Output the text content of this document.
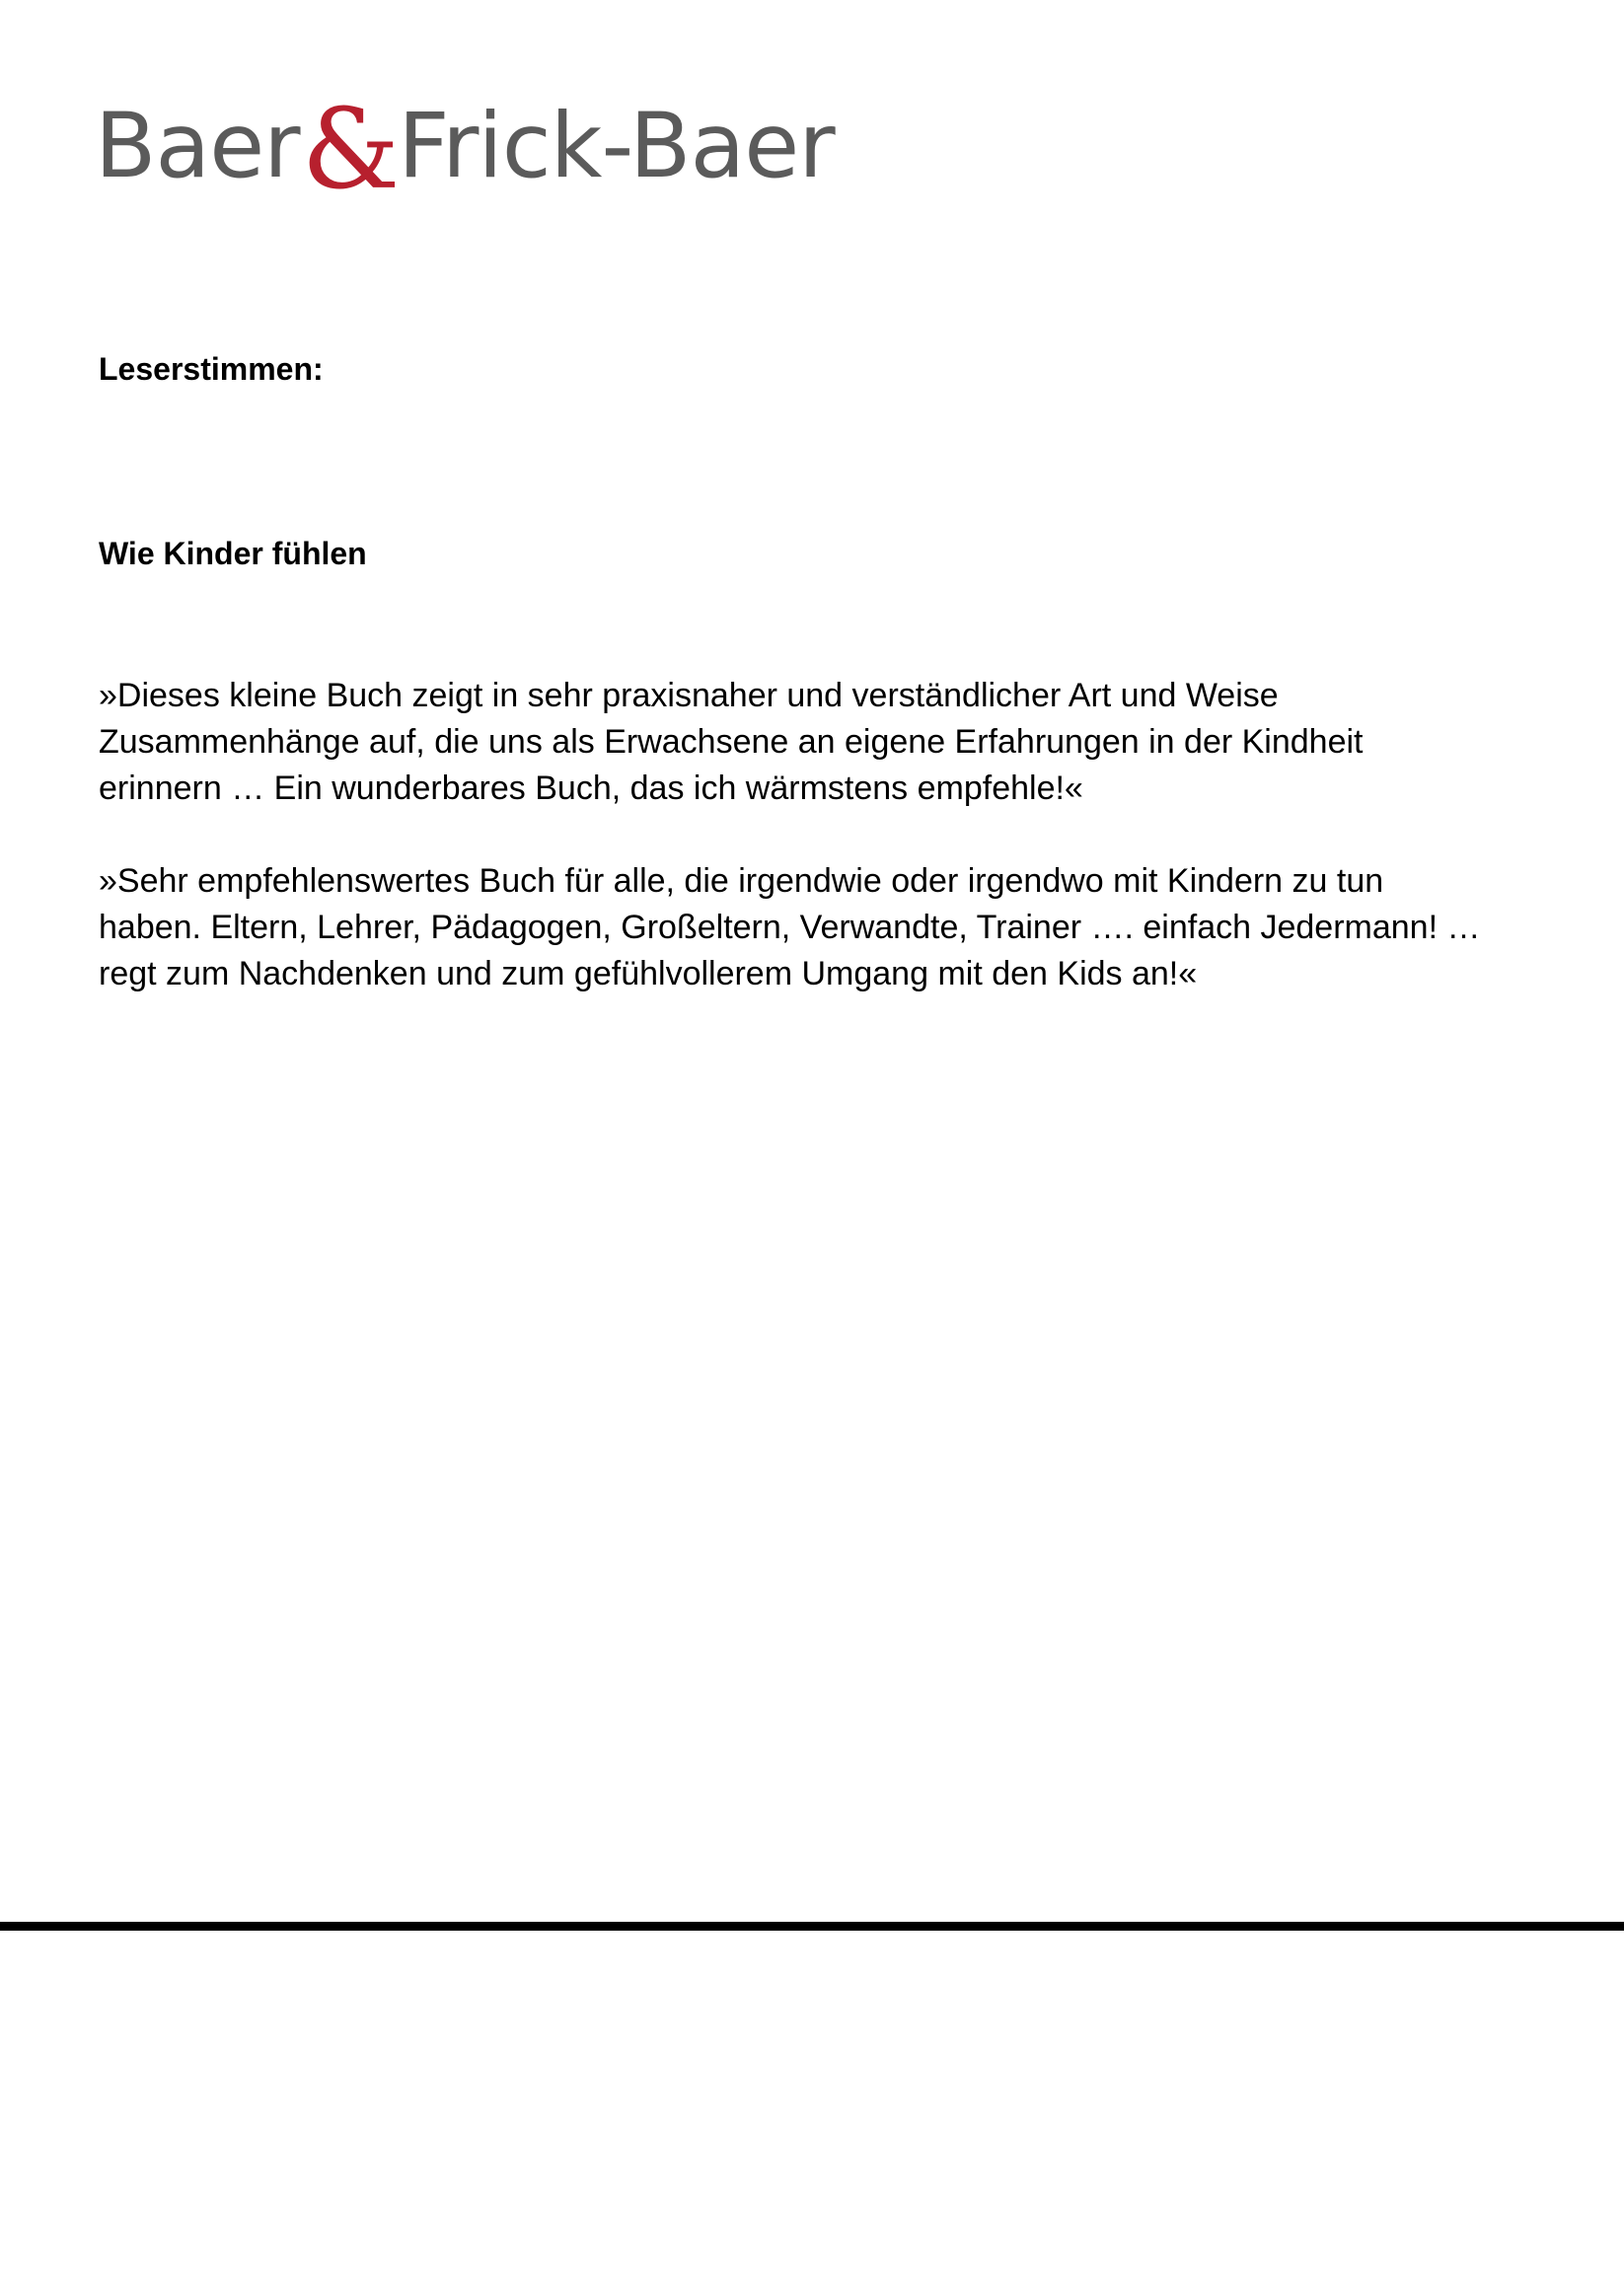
Baer & Frick-Baer
Leserstimmen:
Wie Kinder fühlen

»Dieses kleine Buch zeigt in sehr praxisnaher und verständlicher Art und Weise
Zusammenhänge auf, die uns als Erwachsene an eigene Erfahrungen in der Kindheit
erinnern … Ein wunderbares Buch, das ich wärmstens empfehle!«

»Sehr empfehlenswertes Buch für alle, die irgendwie oder irgendwo mit Kindern zu tun
haben. Eltern, Lehrer, Pädagogen, Großeltern, Verwandte, Trainer …. einfach Jedermann! …
regt zum Nachdenken und zum gefühlvollerem Umgang mit den Kids an!«
